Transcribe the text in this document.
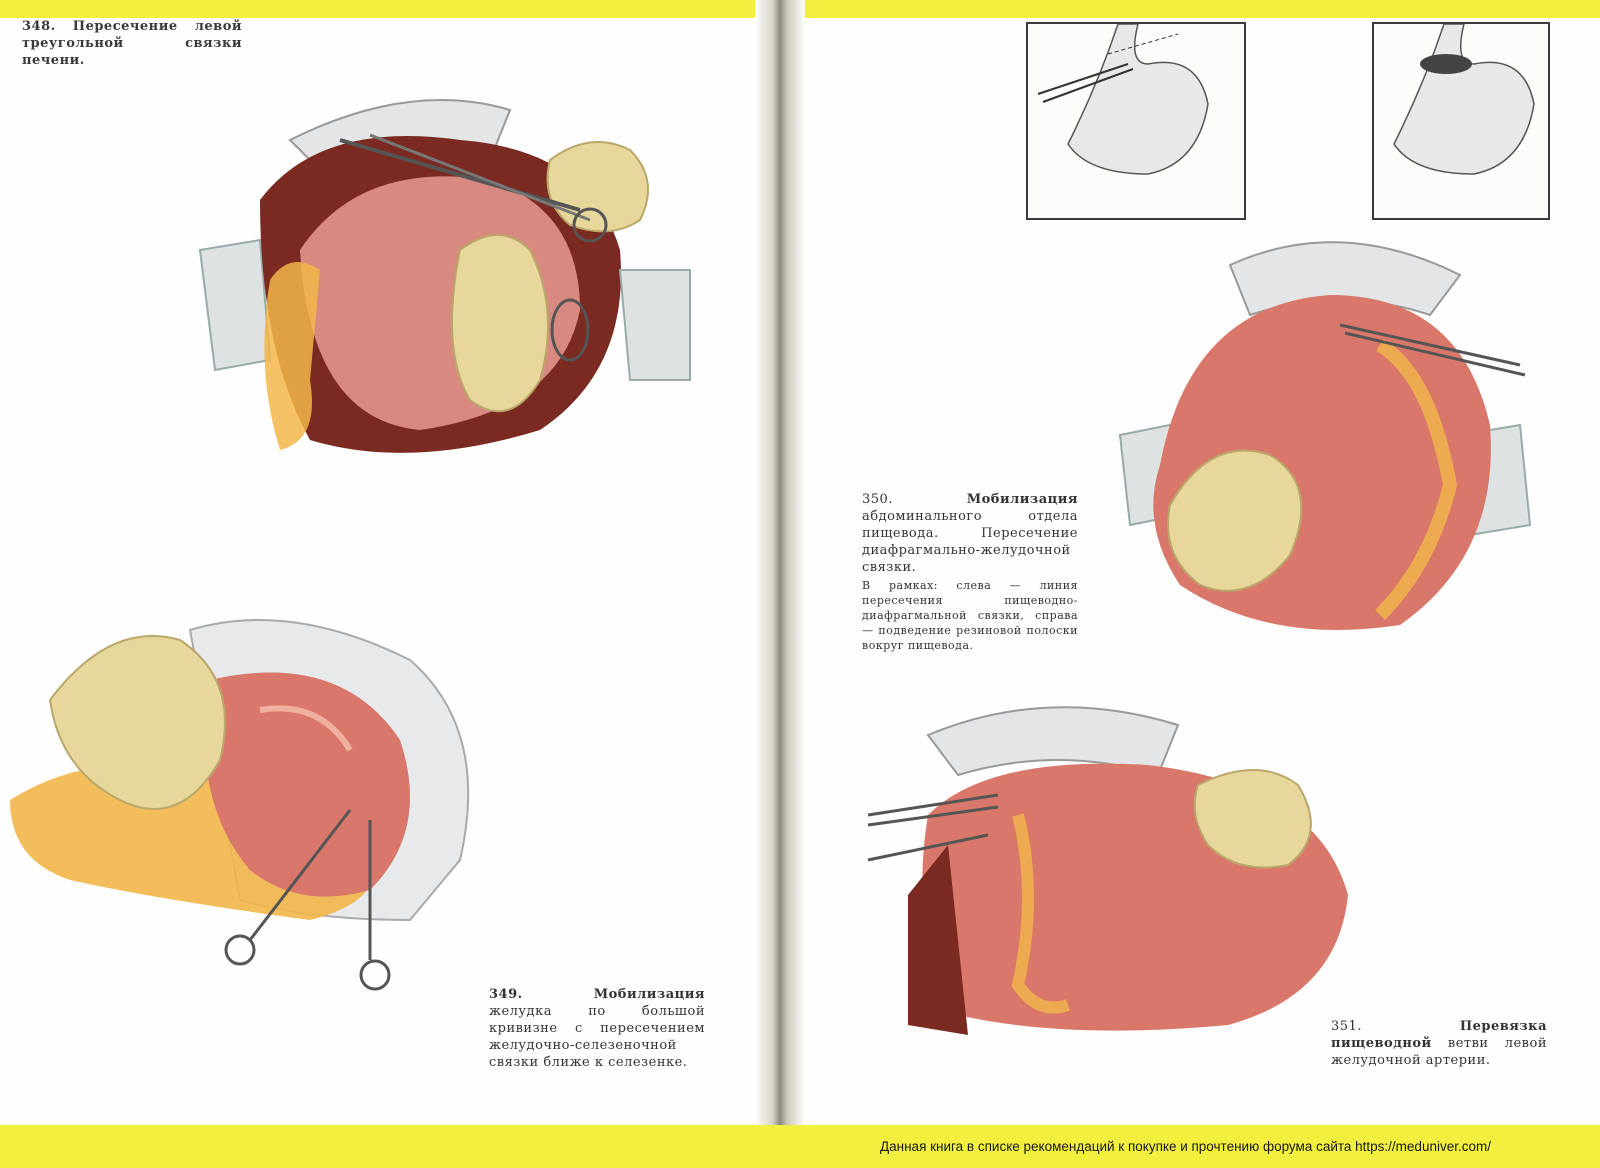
348. Пересечение левой треугольной связки печени.
349.	Мобилизация желудка по большой кривизне с пересечением желудочно-селезеночной связки ближе к селезенке.
350.	Мобилизация абдоминального отдела пищевода. Пересечение диафрагмально-желудочной связки.
В рамках: слева — линия пересечения пищеводно-диафрагмальной связки, справа — подведение резиновой полоски вокруг пищевода.
351.	Перевязка пищеводной ветви левой желудочной артерии.
Данная книга в списке рекомендаций к покупке и прочтению форума сайта https://meduniver.com/
